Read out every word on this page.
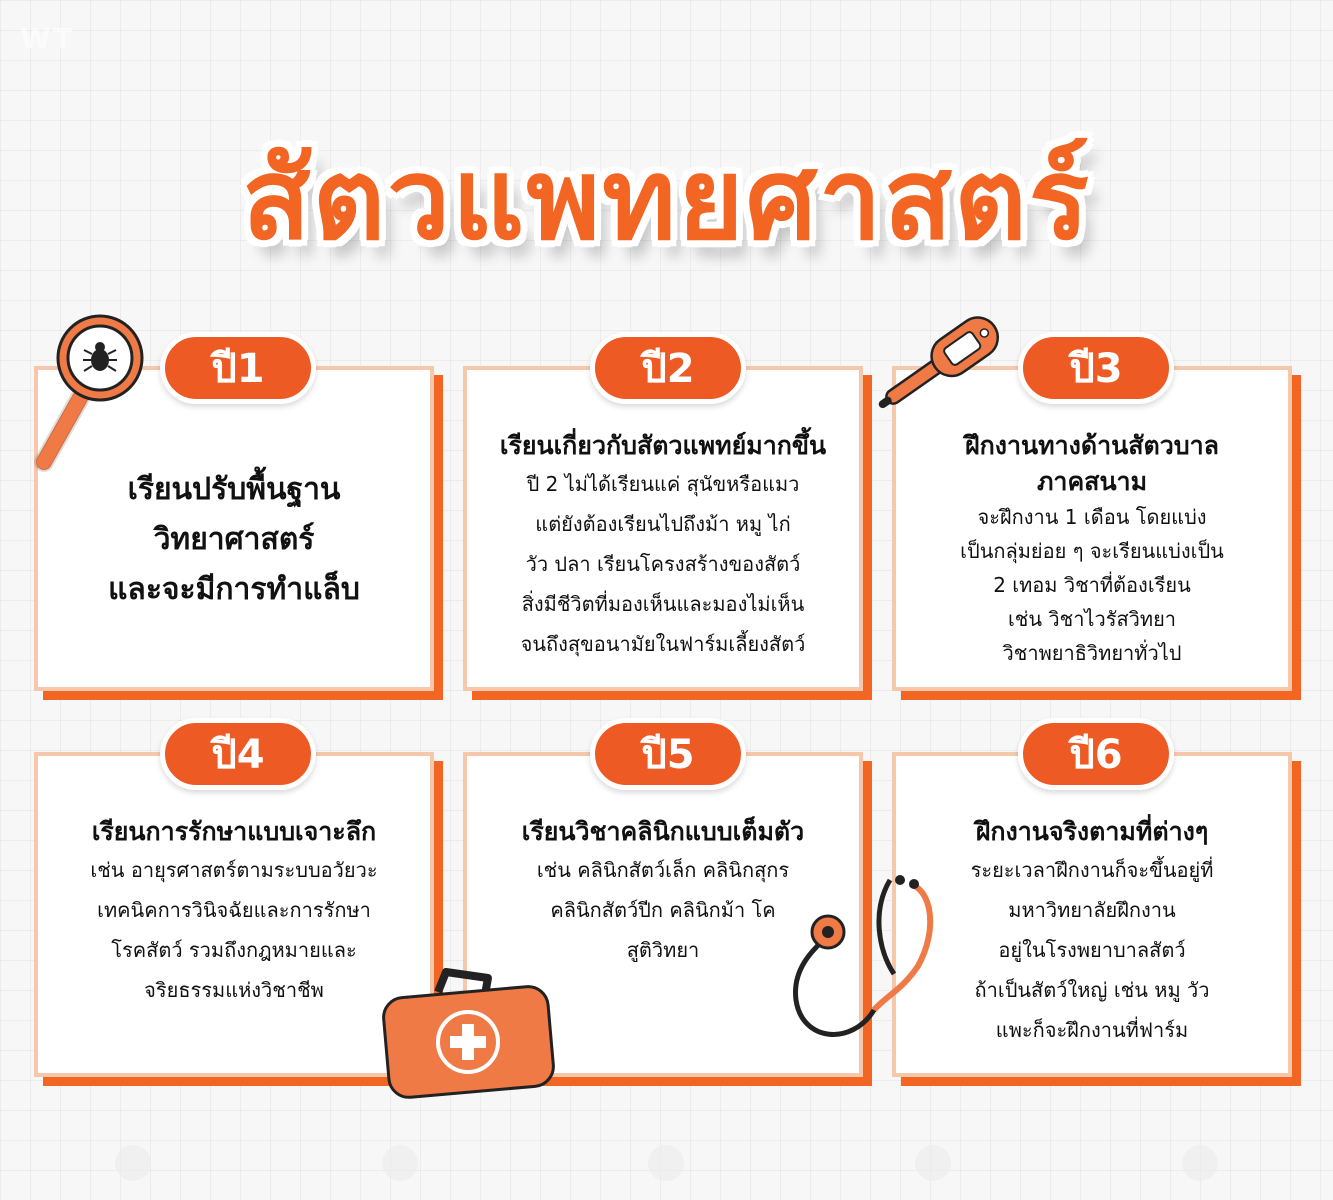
WT
สัตวแพทยศาสตร์
เรียนปรับพื้นฐาน
วิทยาศาสตร์
และจะมีการทำแล็บ
ปี1
เรียนเกี่ยวกับสัตวแพทย์มากขึ้น
ปี 2 ไม่ได้เรียนแค่ สุนัขหรือแมว
แต่ยังต้องเรียนไปถึงม้า หมู ไก่
วัว ปลา เรียนโครงสร้างของสัตว์
สิ่งมีชีวิตที่มองเห็นและมองไม่เห็น
จนถึงสุขอนามัยในฟาร์มเลี้ยงสัตว์
ปี2
ฝึกงานทางด้านสัตวบาล
ภาคสนาม
จะฝึกงาน 1 เดือน โดยแบ่ง
เป็นกลุ่มย่อย ๆ จะเรียนแบ่งเป็น
2 เทอม วิชาที่ต้องเรียน
เช่น วิชาไวรัสวิทยา
วิชาพยาธิวิทยาทั่วไป
ปี3
เรียนการรักษาแบบเจาะลึก
เช่น อายุรศาสตร์ตามระบบอวัยวะ
เทคนิคการวินิจฉัยและการรักษา
โรคสัตว์ รวมถึงกฎหมายและ
จริยธรรมแห่งวิชาชีพ
ปี4
เรียนวิชาคลินิกแบบเต็มตัว
เช่น คลินิกสัตว์เล็ก คลินิกสุกร
คลินิกสัตว์ปีก คลินิกม้า โค
สูติวิทยา
ปี5
ฝึกงานจริงตามที่ต่างๆ
ระยะเวลาฝึกงานก็จะขึ้นอยู่ที่
มหาวิทยาลัยฝึกงาน
อยู่ในโรงพยาบาลสัตว์
ถ้าเป็นสัตว์ใหญ่ เช่น หมู วัว
แพะก็จะฝึกงานที่ฟาร์ม
ปี6
